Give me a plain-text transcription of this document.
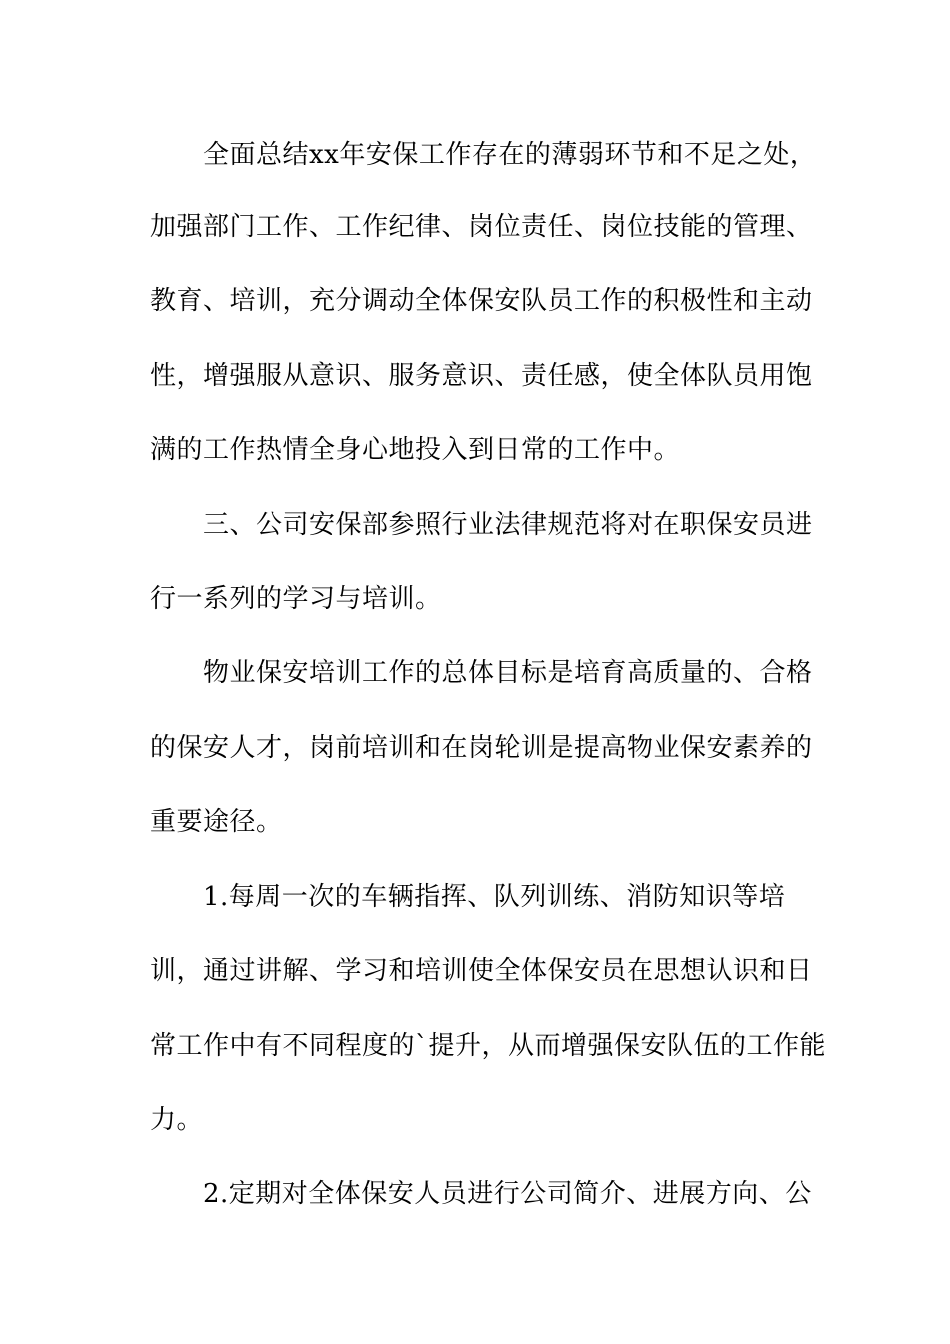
全面总结xx年安保工作存在的薄弱环节和不足之处，
加强部门工作、工作纪律、岗位责任、岗位技能的管理、
教育、培训，充分调动全体保安队员工作的积极性和主动
性，增强服从意识、服务意识、责任感，使全体队员用饱
满的工作热情全身心地投入到日常的工作中。
三、公司安保部参照行业法律规范将对在职保安员进
行一系列的学习与培训。
物业保安培训工作的总体目标是培育高质量的、合格
的保安人才，岗前培训和在岗轮训是提高物业保安素养的
重要途径。
1.每周一次的车辆指挥、队列训练、消防知识等培
训，通过讲解、学习和培训使全体保安员在思想认识和日
常工作中有不同程度的`提升，从而增强保安队伍的工作能
力。
2.定期对全体保安人员进行公司简介、进展方向、公
